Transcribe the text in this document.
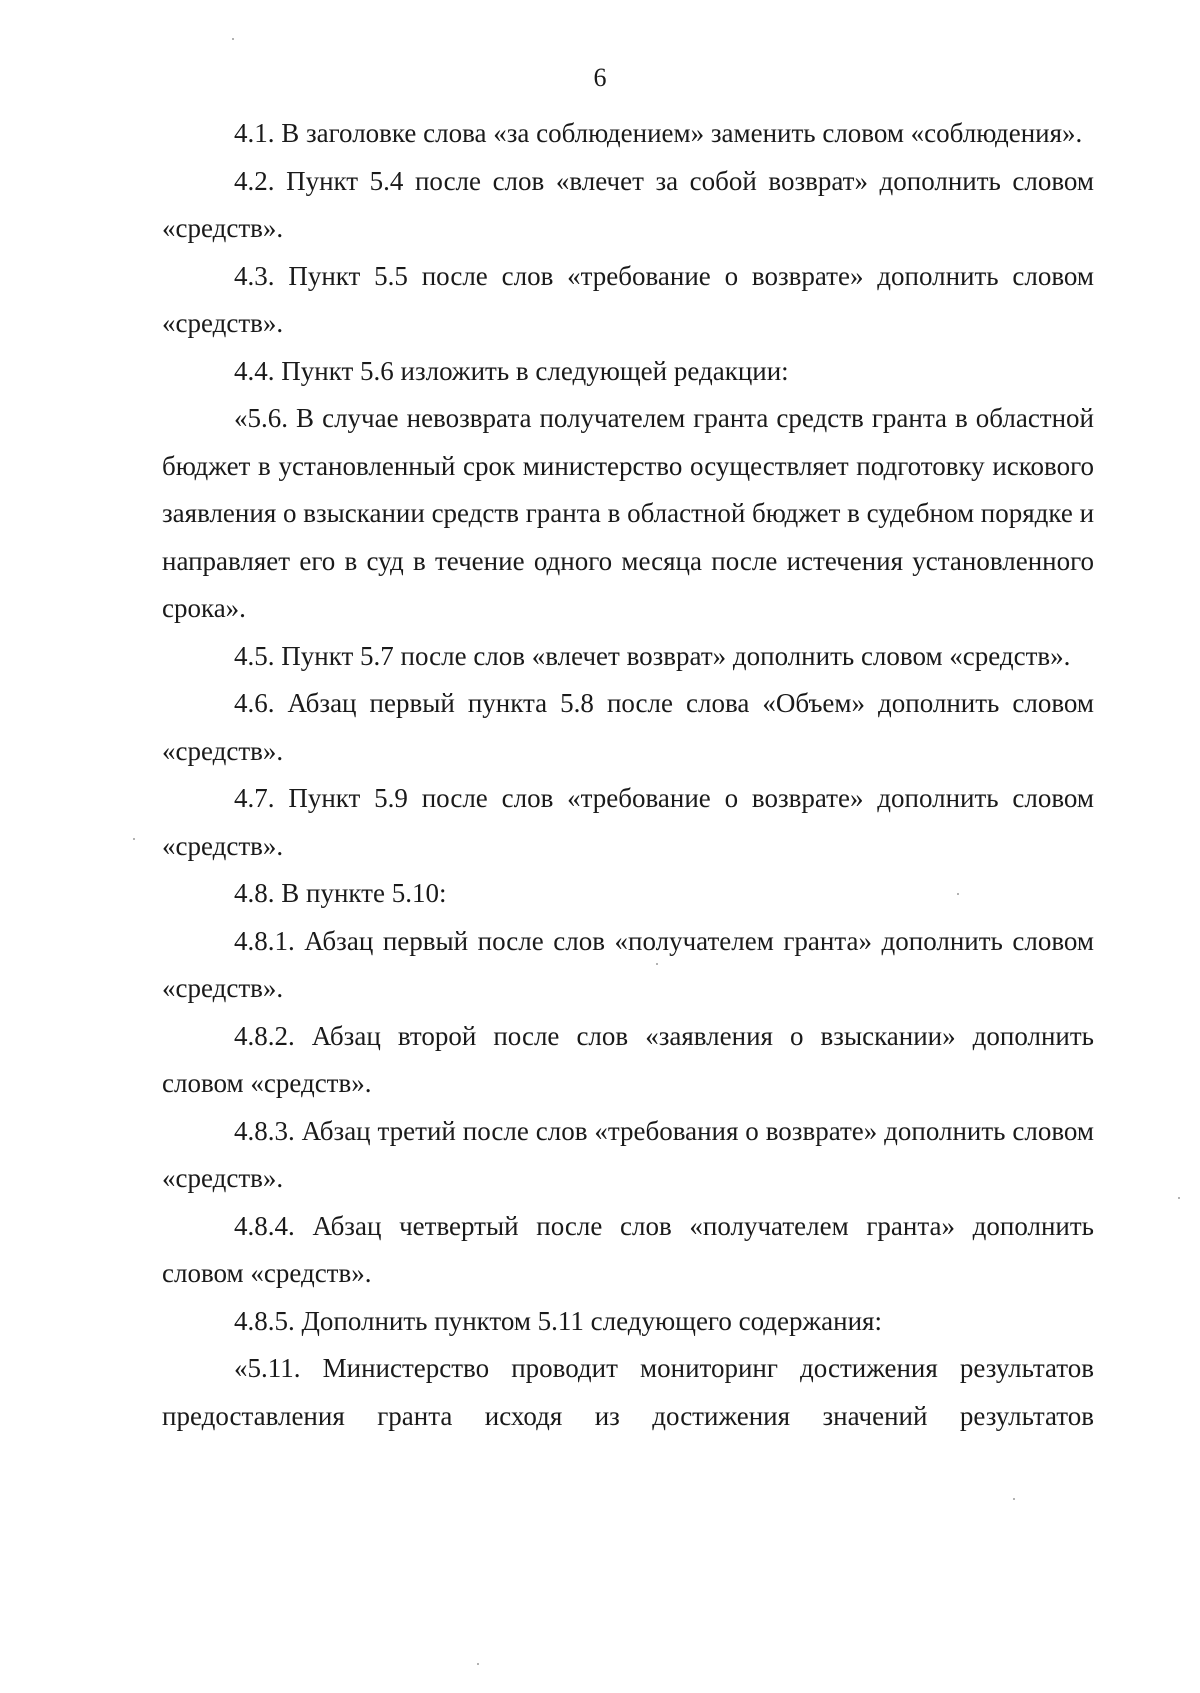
6

4.1. В заголовке слова «за соблюдением» заменить словом «соблюдения».

4.2. Пункт 5.4 после слов «влечет за собой возврат» дополнить словом «средств».

4.3. Пункт 5.5 после слов «требование о возврате» дополнить словом «средств».

4.4. Пункт 5.6 изложить в следующей редакции:

«5.6. В случае невозврата получателем гранта средств гранта в областной бюджет в установленный срок министерство осуществляет подготовку искового заявления о взыскании средств гранта в областной бюджет в судебном порядке и направляет его в суд в течение одного месяца после истечения установленного срока».

4.5. Пункт 5.7 после слов «влечет возврат» дополнить словом «средств».

4.6. Абзац первый пункта 5.8 после слова «Объем» дополнить словом «средств».

4.7. Пункт 5.9 после слов «требование о возврате» дополнить словом «средств».

4.8. В пункте 5.10:

4.8.1. Абзац первый после слов «получателем гранта» дополнить словом «средств».

4.8.2. Абзац второй после слов «заявления о взыскании» дополнить словом «средств».

4.8.3. Абзац третий после слов «требования о возврате» дополнить словом «средств».

4.8.4. Абзац четвертый после слов «получателем гранта» дополнить словом «средств».

4.8.5. Дополнить пунктом 5.11 следующего содержания:

«5.11. Министерство проводит мониторинг достижения результатов предоставления гранта исходя из достижения значений результатов
